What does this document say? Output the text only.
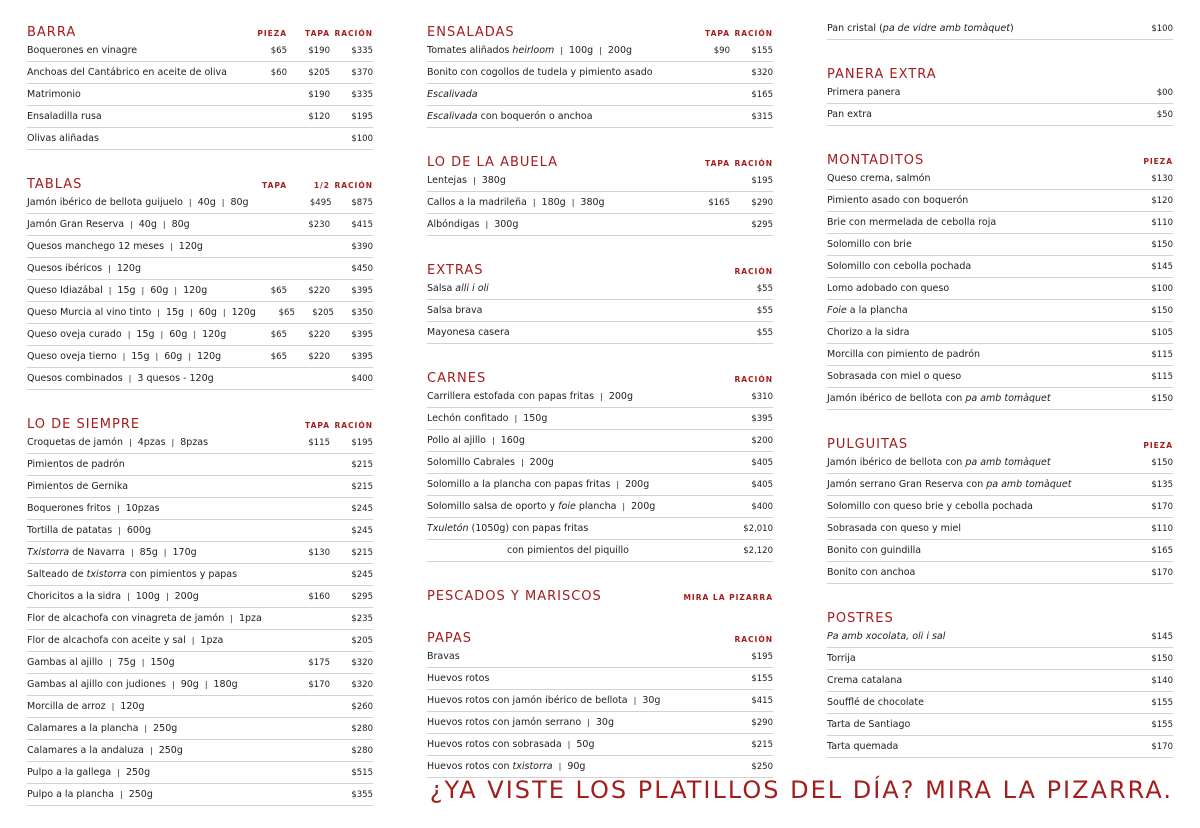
BARRA	PIEZA	TAPA RACIÓN
Boquerones en vinagre	$65	$190	$335
Anchoas del Cantábrico en aceite de oliva	$60	$205	$370
Matrimonio	$190	$335
Ensaladilla rusa	$120	$195
Olivas aliñadas	$100
TABLAS	TAPA	1/2 RACIÓN
Jamón ibérico de bellota guijuelo ❘ 40g ❘ 80g	$495	$875
Jamón Gran Reserva ❘ 40g ❘ 80g	$230	$415
Quesos manchego 12 meses ❘ 120g	$390
Quesos ibéricos ❘ 120g	$450
Queso Idiazábal ❘ 15g ❘ 60g ❘ 120g	$65	$220	$395
Queso Murcia al vino tinto ❘ 15g ❘ 60g ❘ 120g	$65	$205	$350
Queso oveja curado ❘ 15g ❘ 60g ❘ 120g	$65	$220	$395
Queso oveja tierno ❘ 15g ❘ 60g ❘ 120g	$65	$220	$395
Quesos combinados ❘ 3 quesos - 120g	$400
LO DE SIEMPRE	TAPA RACIÓN
Croquetas de jamón ❘ 4pzas ❘ 8pzas	$115	$195
Pimientos de padrón	$215
Pimientos de Gernika	$215
Boquerones fritos ❘ 10pzas	$245
Tortilla de patatas ❘ 600g	$245
Txistorra de Navarra ❘ 85g ❘ 170g	$130	$215
Salteado de txistorra con pimientos y papas	$245
Choricitos a la sidra ❘ 100g ❘ 200g	$160	$295
Flor de alcachofa con vinagreta de jamón ❘ 1pza	$235
Flor de alcachofa con aceite y sal ❘ 1pza	$205
Gambas al ajillo ❘ 75g ❘ 150g	$175	$320
Gambas al ajillo con judiones ❘ 90g ❘ 180g	$170	$320
Morcilla de arroz ❘ 120g	$260
Calamares a la plancha ❘ 250g	$280
Calamares a la andaluza ❘ 250g	$280
Pulpo a la gallega ❘ 250g	$515
Pulpo a la plancha ❘ 250g	$355
ENSALADAS	TAPA RACIÓN
Tomates aliñados heirloom ❘ 100g ❘ 200g	$90	$155
Bonito con cogollos de tudela y pimiento asado	$320
Escalivada	$165
Escalivada con boquerón o anchoa	$315
LO DE LA ABUELA	TAPA RACIÓN
Lentejas ❘ 380g	$195
Callos a la madrileña ❘ 180g ❘ 380g	$165	$290
Albóndigas ❘ 300g	$295
EXTRAS	RACIÓN
Salsa alli i oli	$55
Salsa brava	$55
Mayonesa casera	$55
CARNES	RACIÓN
Carrillera estofada con papas fritas ❘ 200g	$310
Lechón confitado ❘ 150g	$395
Pollo al ajillo ❘ 160g	$200
Solomillo Cabrales ❘ 200g	$405
Solomillo a la plancha con papas fritas ❘ 200g	$405
Solomillo salsa de oporto y foie plancha ❘ 200g	$400
Txuletón (1050g) con papas fritas	$2,010
con pimientos del piquillo	$2,120
PESCADOS Y MARISCOS	MIRA LA PIZARRA
PAPAS	RACIÓN
Bravas	$195
Huevos rotos	$155
Huevos rotos con jamón ibérico de bellota ❘ 30g	$415
Huevos rotos con jamón serrano ❘ 30g	$290
Huevos rotos con sobrasada ❘ 50g	$215
Huevos rotos con txistorra ❘ 90g	$250
Pan cristal (pa de vidre amb tomàquet)	$100
PANERA EXTRA
Primera panera	$00
Pan extra	$50
MONTADITOS	PIEZA
Queso crema, salmón	$130
Pimiento asado con boquerón	$120
Brie con mermelada de cebolla roja	$110
Solomillo con brie	$150
Solomillo con cebolla pochada	$145
Lomo adobado con queso	$100
Foie a la plancha	$150
Chorizo a la sidra	$105
Morcilla con pimiento de padrón	$115
Sobrasada con miel o queso	$115
Jamón ibérico de bellota con pa amb tomàquet	$150
PULGUITAS	PIEZA
Jamón ibérico de bellota con pa amb tomàquet	$150
Jamón serrano Gran Reserva con pa amb tomàquet	$135
Solomillo con queso brie y cebolla pochada	$170
Sobrasada con queso y miel	$110
Bonito con guindilla	$165
Bonito con anchoa	$170
POSTRES
Pa amb xocolata, oli i sal	$145
Torrija	$150
Crema catalana	$140
Soufflé de chocolate	$155
Tarta de Santiago	$155
Tarta quemada	$170
¿YA VISTE LOS PLATILLOS DEL DÍA? MIRA LA PIZARRA.
